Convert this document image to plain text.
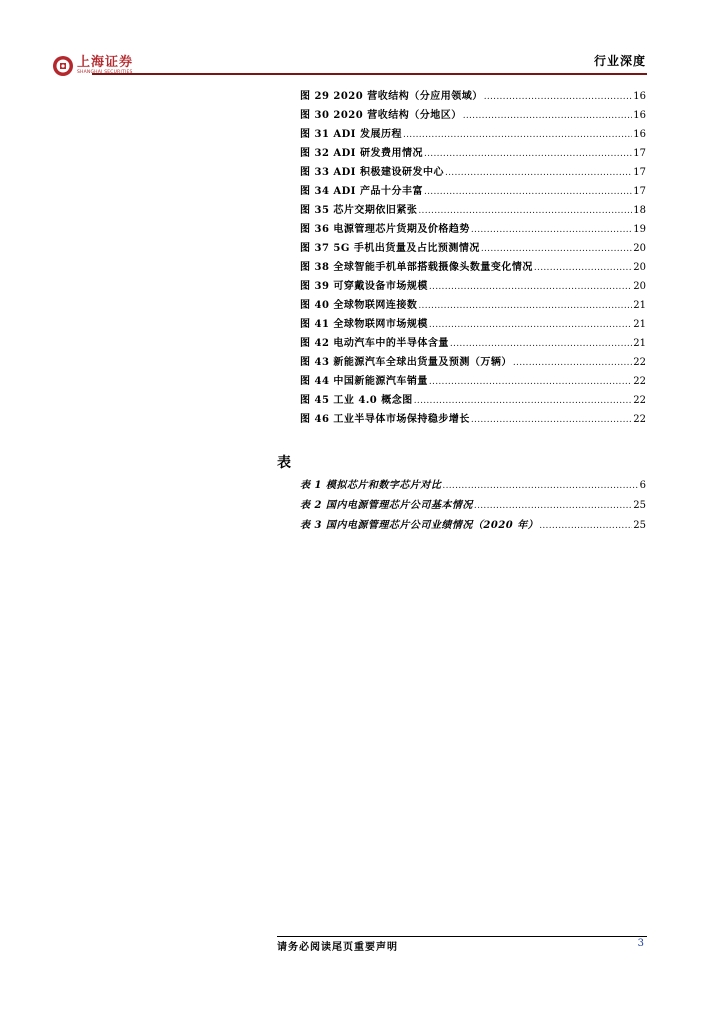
上海证券
SHANGHAI SECURITIES
行业深度
图 29 2020 营收结构（分应用领域） .....	16
图 30 2020 营收结构（分地区） .....	16
图 31 ADI 发展历程 .....	16
图 32 ADI 研发费用情况 .....	17
图 33 ADI 积极建设研发中心 .....	17
图 34 ADI 产品十分丰富 .....	17
图 35 芯片交期依旧紧张 .....	18
图 36 电源管理芯片货期及价格趋势 .....	19
图 37 5G 手机出货量及占比预测情况 .....	20
图 38 全球智能手机单部搭载摄像头数量变化情况 .....	20
图 39 可穿戴设备市场规模 .....	20
图 40 全球物联网连接数 .....	21
图 41 全球物联网市场规模 .....	21
图 42 电动汽车中的半导体含量 .....	21
图 43 新能源汽车全球出货量及预测（万辆） .....	22
图 44 中国新能源汽车销量 .....	22
图 45 工业 4.0 概念图 .....	22
图 46 工业半导体市场保持稳步增长 .....	22
表
表 1 模拟芯片和数字芯片对比 .....	6
表 2 国内电源管理芯片公司基本情况 .....	25
表 3 国内电源管理芯片公司业绩情况（2020 年） .....	25
请务必阅读尾页重要声明	3
